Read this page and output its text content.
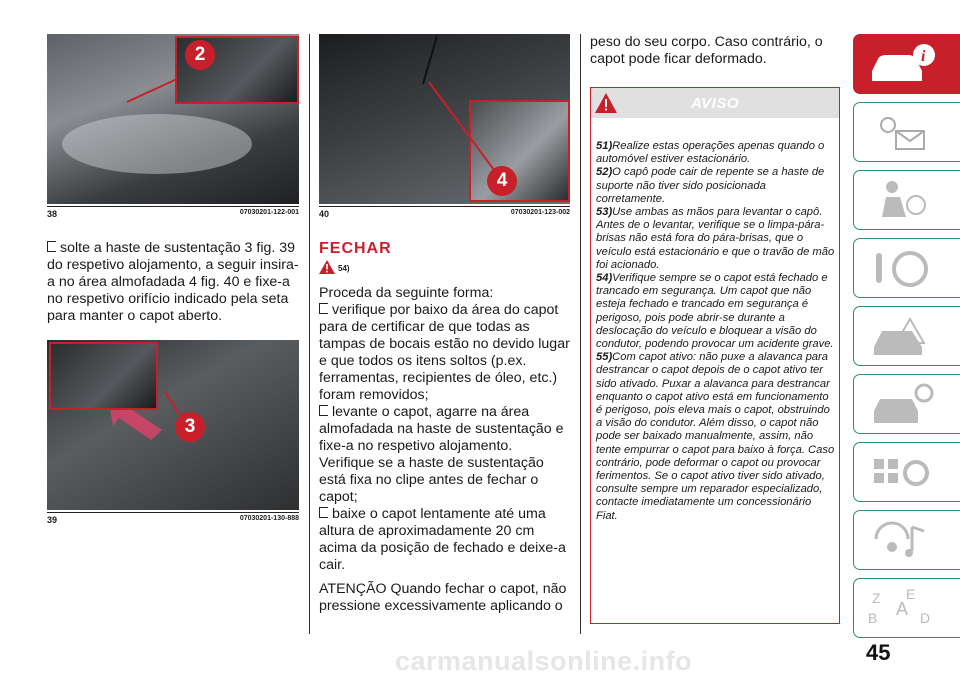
2
38	07030201-122-001

solte a haste de sustentação 3 fig. 39 do respetivo alojamento, a seguir insira-a no área almofadada 4 fig. 40 e fixe-a no respetivo orifício indicado pela seta para manter o capot aberto.

3
39	07030201-130-888
4
40	07030201-123-002
FECHAR
54)

Proceda da seguinte forma:

verifique por baixo da área do capot para de certificar de que todas as tampas de bocais estão no devido lugar e que todos os itens soltos (p.ex. ferramentas, recipientes de óleo, etc.) foram removidos;

levante o capot, agarre na área almofadada na haste de sustentação e fixe-a no respetivo alojamento. Verifique se a haste de sustentação está fixa no clipe antes de fechar o capot;

baixe o capot lentamente até uma altura de aproximadamente 20 cm acima da posição de fechado e deixe-a cair.

ATENÇÃO Quando fechar o capot, não pressione excessivamente aplicando o

peso do seu corpo. Caso contrário, o capot pode ficar deformado.
AVISO
51)Realize estas operações apenas quando o automóvel estiver estacionário.
52)O capô pode cair de repente se a haste de suporte não tiver sido posicionada corretamente.
53)Use ambas as mãos para levantar o capô. Antes de o levantar, verifique se o limpa-pára-brisas não está fora do pára-brisas, que o veículo está estacionário e que o travão de mão foi acionado.
54)Verifique sempre se o capot está fechado e trancado em segurança. Um capot que não esteja fechado e trancado em segurança é perigoso, pois pode abrir-se durante a deslocação do veículo e bloquear a visão do condutor, podendo provocar um acidente grave.
55)Com capot ativo: não puxe a alavanca para destrancar o capot depois de o capot ativo ter sido ativado. Puxar a alavanca para destrancar enquanto o capot ativo está em funcionamento é perigoso, pois eleva mais o capot, obstruindo a visão do condutor. Além disso, o capot não pode ser baixado manualmente, assim, não tente empurrar o capot para baixo à força. Caso contrário, pode deformar o capot ou provocar ferimentos. Se o capot ativo tiver sido ativado, consulte sempre um reparador especializado, contacte imediatamente um concessionário Fiat.
i
Z E
B A D
45
carmanualsonline.info
